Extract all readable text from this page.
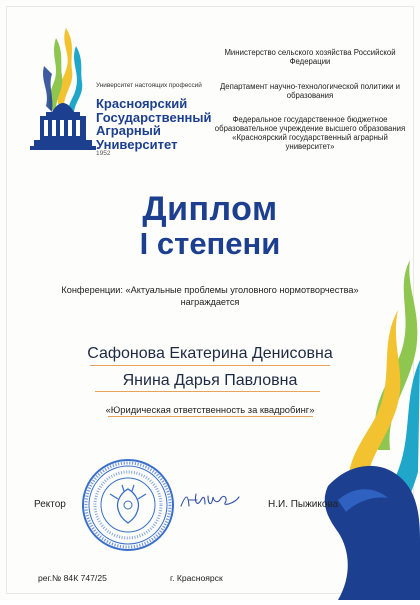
Университет настоящих профессий
Красноярский
Государственный
Аграрный
Университет
1952
Министерство сельского хозяйства Российской Федерации
Департамент научно-технологической политики и образования
Федеральное государственное бюджетное образовательное учреждение высшего образования «Красноярский государственный аграрный университет»
Диплом
I степени
Конференции: «Актуальные проблемы уголовного нормотворчества»
награждается
Сафонова Екатерина Денисовна
Янина Дарья Павловна
«Юридическая ответственность за квадробинг»
Ректор	Н.И. Пыжикова
рег.№ 84К 747/25	г. Красноярск
